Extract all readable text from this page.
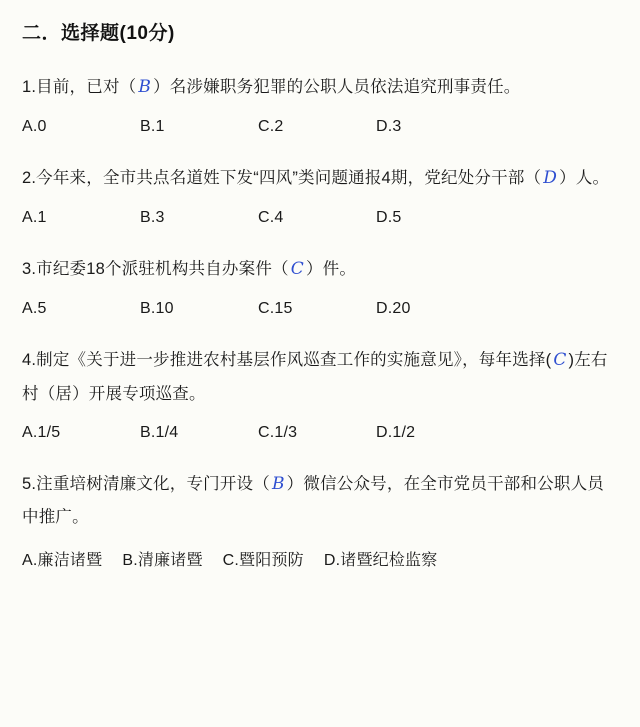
二．选择题(10分)

1.目前，已对（ B ）名涉嫌职务犯罪的公职人员依法追究刑事责任。

A.0	B.1	C.2	D.3

2.今年来，全市共点名道姓下发“四风”类问题通报4期，党纪处分干部（ D ）人。

A.1	B.3	C.4	D.5

3.市纪委18个派驻机构共自办案件（ C ）件。

A.5	B.10	C.15	D.20

4.制定《关于进一步推进农村基层作风巡查工作的实施意见》，每年选择( C )左右村（居）开展专项巡查。

A.1/5	B.1/4	C.1/3	D.1/2

5.注重培树清廉文化，专门开设（ B ）微信公众号，在全市党员干部和公职人员中推广。

A.廉洁诸暨 B.清廉诸暨 C.暨阳预防 D.诸暨纪检监察
